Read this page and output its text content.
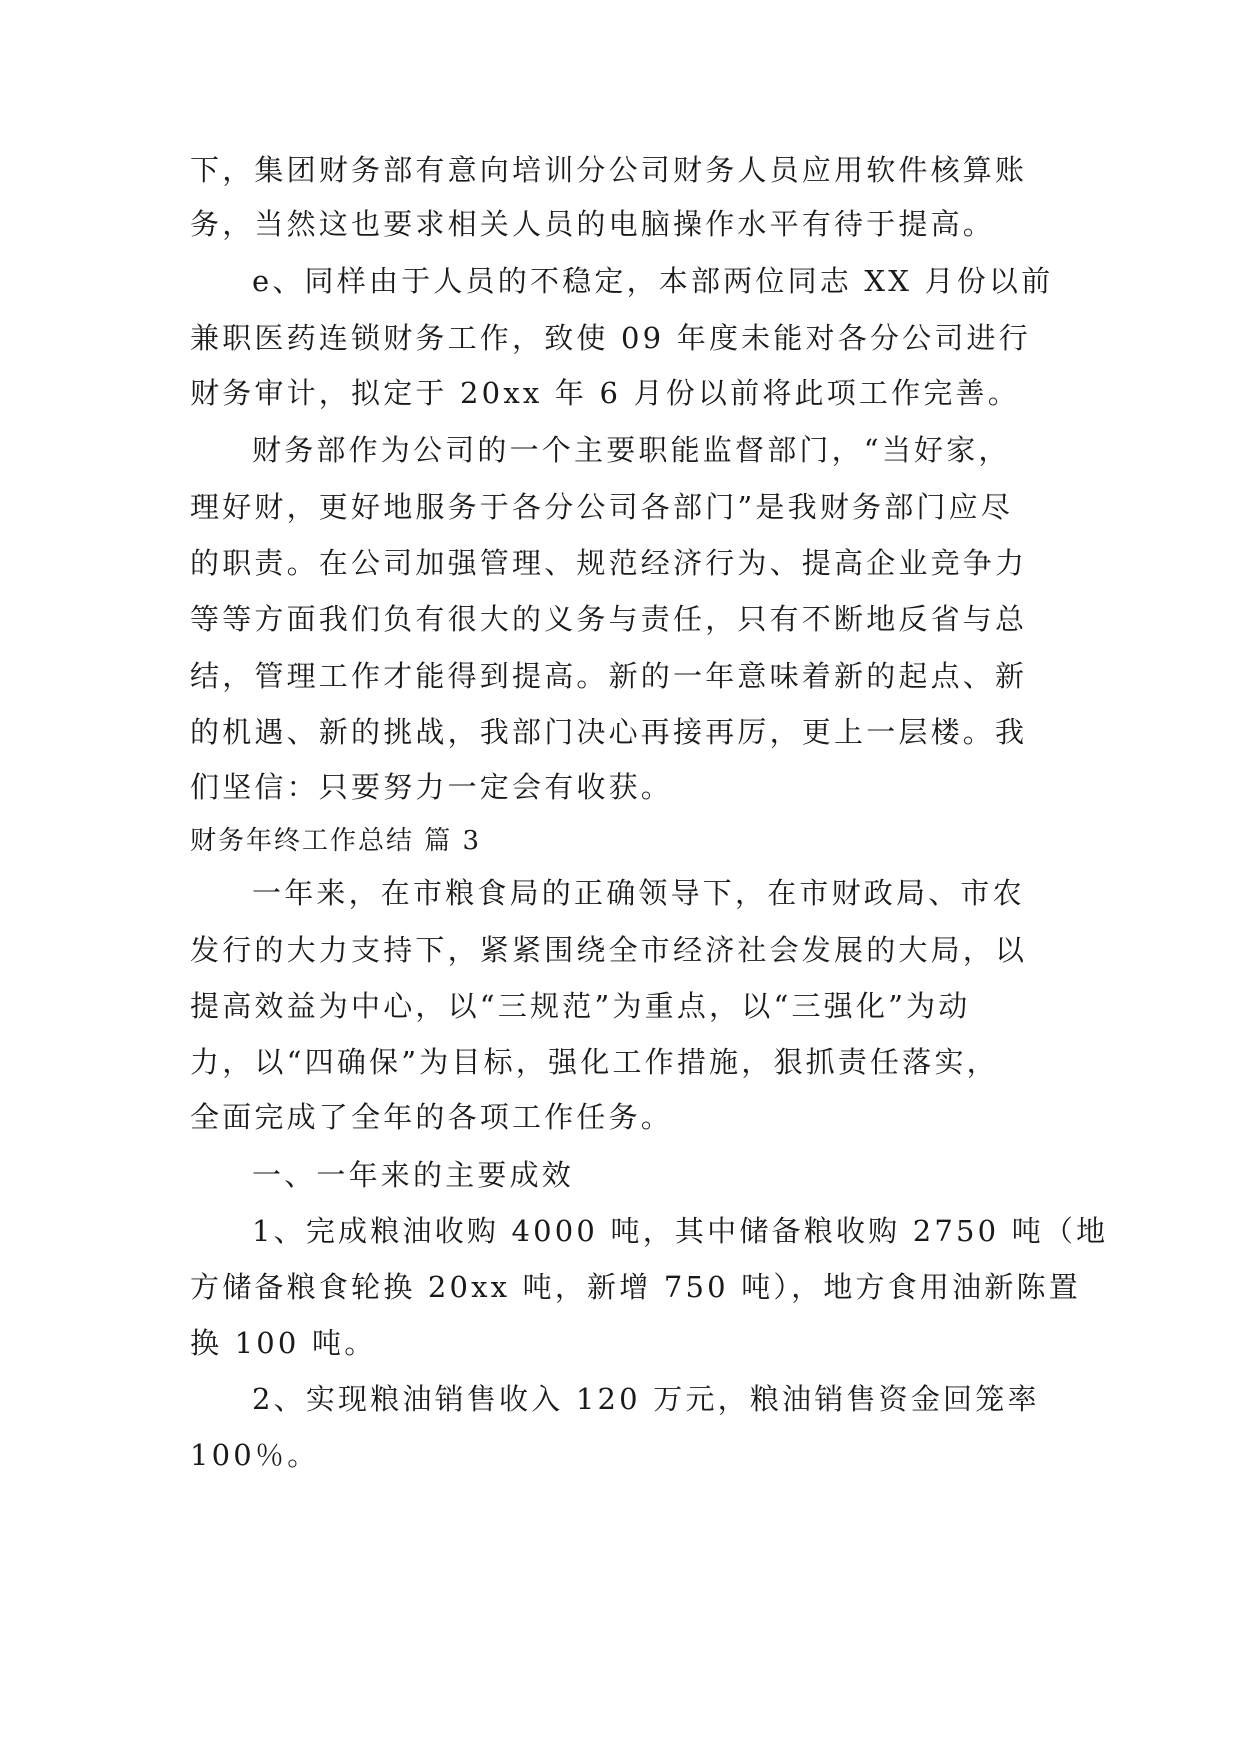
下，集团财务部有意向培训分公司财务人员应用软件核算账
务，当然这也要求相关人员的电脑操作水平有待于提高。
e、同样由于人员的不稳定，本部两位同志 XX 月份以前
兼职医药连锁财务工作，致使 09 年度未能对各分公司进行
财务审计，拟定于 20xx 年 6 月份以前将此项工作完善。
财务部作为公司的一个主要职能监督部门，“当好家，
理好财，更好地服务于各分公司各部门”是我财务部门应尽
的职责。在公司加强管理、规范经济行为、提高企业竞争力
等等方面我们负有很大的义务与责任，只有不断地反省与总
结，管理工作才能得到提高。新的一年意味着新的起点、新
的机遇、新的挑战，我部门决心再接再厉，更上一层楼。我
们坚信：只要努力一定会有收获。
财务年终工作总结 篇 3
一年来，在市粮食局的正确领导下，在市财政局、市农
发行的大力支持下，紧紧围绕全市经济社会发展的大局，以
提高效益为中心，以“三规范”为重点，以“三强化”为动
力，以“四确保”为目标，强化工作措施，狠抓责任落实，
全面完成了全年的各项工作任务。
一、一年来的主要成效
1、完成粮油收购 4000 吨，其中储备粮收购 2750 吨（地
方储备粮食轮换 20xx 吨，新增 750 吨），地方食用油新陈置
换 100 吨。
2、实现粮油销售收入 120 万元，粮油销售资金回笼率
100％。
